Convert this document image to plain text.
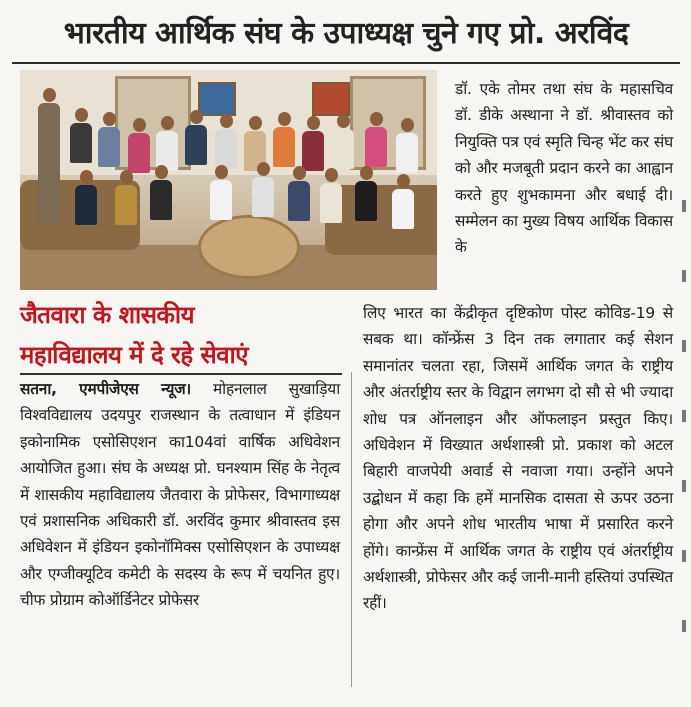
भारतीय आर्थिक संघ के उपाध्यक्ष चुने गए प्रो. अरविंद
डॉ. एके तोमर तथा संघ के महासचिव डॉ. डीके अस्थाना ने डॉ. श्रीवास्तव को नियुक्ति पत्र एवं स्मृति चिन्ह भेंट कर संघ को और मजबूती प्रदान करने का आह्वान करते हुए शुभकामना और बधाई दी। सम्मेलन का मुख्य विषय आर्थिक विकास के
जैतवारा के शासकीय
महाविद्यालय में दे रहे सेवाएं
सतना, एमपीजेएस न्यूज। मोहनलाल सुखाड़िया विश्वविद्यालय उदयपुर राजस्थान के तत्वाधान में इंडियन इकोनामिक एसोसिएशन का104वां वार्षिक अधिवेशन आयोजित हुआ। संघ के अध्यक्ष प्रो. घनश्याम सिंह के नेतृत्व में शासकीय महाविद्यालय जैतवारा के प्रोफेसर, विभागाध्यक्ष एवं प्रशासनिक अधिकारी डॉ. अरविंद कुमार श्रीवास्तव इस अधिवेशन में इंडियन इकोनॉमिक्स एसोसिएशन के उपाध्यक्ष और एग्जीक्यूटिव कमेटी के सदस्य के रूप में चयनित हुए। चीफ प्रोग्राम कोऑर्डिनेटर प्रोफेसर
लिए भारत का केंद्रीकृत दृष्टिकोण पोस्ट कोविड-19 से सबक था। कॉन्फ्रेंस 3 दिन तक लगातार कई सेशन समानांतर चलता रहा, जिसमें आर्थिक जगत के राष्ट्रीय और अंतर्राष्ट्रीय स्तर के विद्वान लगभग दो सौ से भी ज्यादा शोध पत्र ऑनलाइन और ऑफलाइन प्रस्तुत किए। अधिवेशन में विख्यात अर्थशास्त्री प्रो. प्रकाश को अटल बिहारी वाजपेयी अवार्ड से नवाजा गया। उन्होंने अपने उद्बोधन में कहा कि हमें मानसिक दासता से ऊपर उठना होगा और अपने शोध भारतीय भाषा में प्रसारित करने होंगे। कान्फ्रेंस में आर्थिक जगत के राष्ट्रीय एवं अंतर्राष्ट्रीय अर्थशास्त्री, प्रोफेसर और कई जानी-मानी हस्तियां उपस्थित रहीं।
